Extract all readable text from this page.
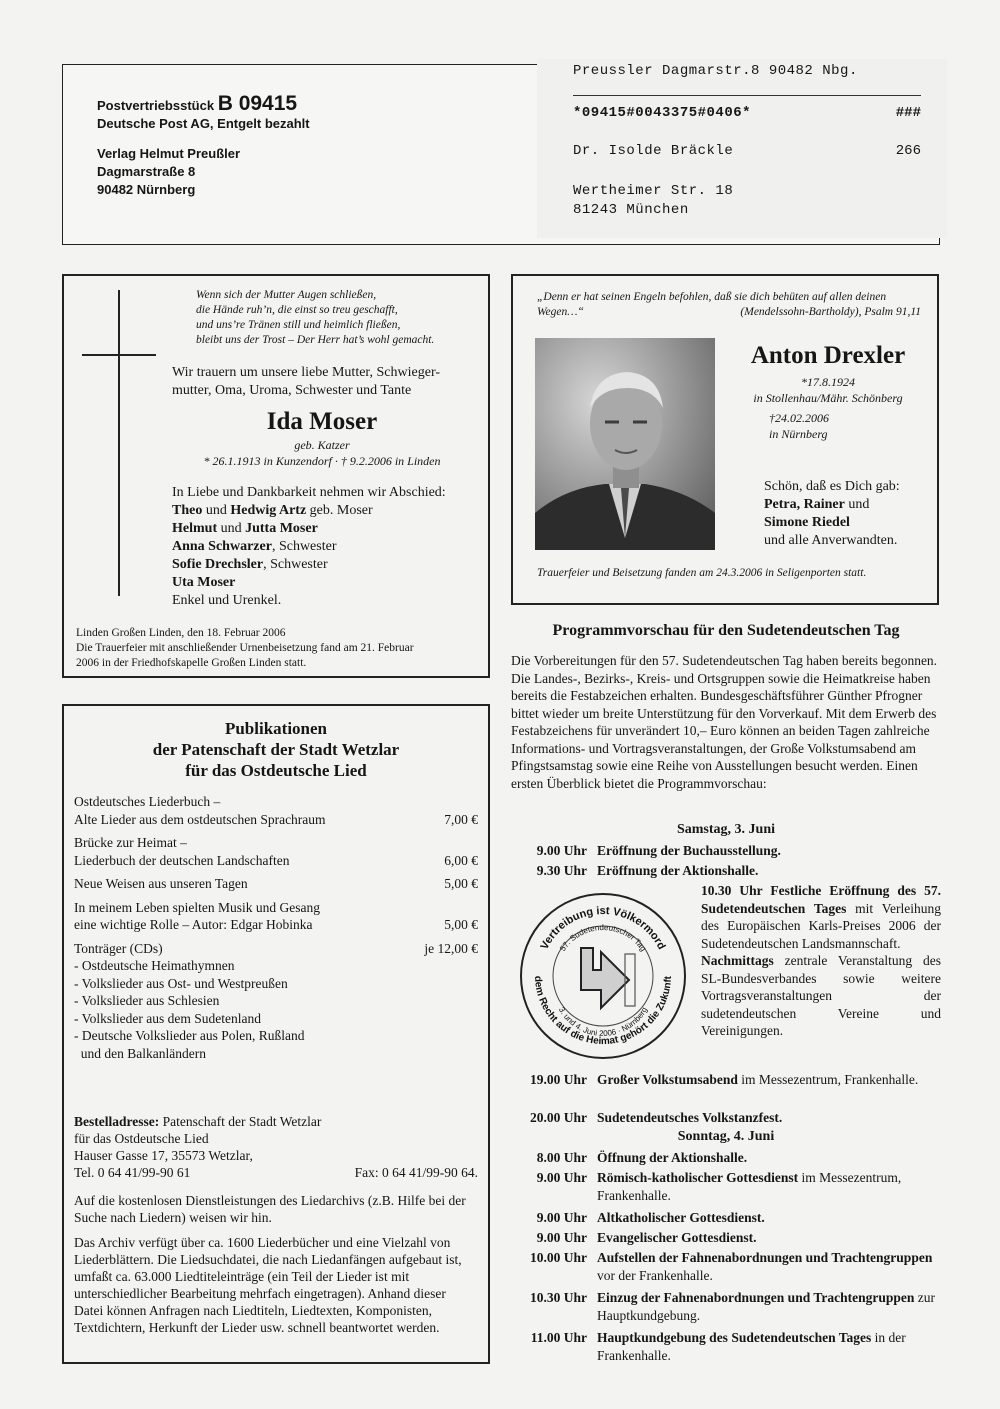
Postvertriebsstück B 09415
Deutsche Post AG, Entgelt bezahlt
Verlag Helmut Preußler
Dagmarstraße 8
90482 Nürnberg
Preussler Dagmarstr.8 90482 Nbg.
*09415#0043375#0406*	###
Dr. Isolde Bräckle	266
Wertheimer Str. 18
81243 München
Wenn sich der Mutter Augen schließen,
die Hände ruh’n, die einst so treu geschafft,
und uns’re Tränen still und heimlich fließen,
bleibt uns der Trost – Der Herr hat’s wohl gemacht.
Wir trauern um unsere liebe Mutter, Schwieger-
mutter, Oma, Uroma, Schwester und Tante
Ida Moser
geb. Katzer
* 26.1.1913 in Kunzendorf · † 9.2.2006 in Linden
In Liebe und Dankbarkeit nehmen wir Abschied:
Theo und Hedwig Artz geb. Moser
Helmut und Jutta Moser
Anna Schwarzer, Schwester
Sofie Drechsler, Schwester
Uta Moser
Enkel und Urenkel.
Linden Großen Linden, den 18. Februar 2006
Die Trauerfeier mit anschließender Urnenbeisetzung fand am 21. Februar
2006 in der Friedhofskapelle Großen Linden statt.
„Denn er hat seinen Engeln befohlen, daß sie dich behüten auf allen deinen Wegen…“	(Mendelssohn-Bartholdy), Psalm 91,11
Anton Drexler
*17.8.1924
in Stollenhau/Mähr. Schönberg
†24.02.2006
in Nürnberg
Schön, daß es Dich gab:
Petra, Rainer und
Simone Riedel
und alle Anverwandten.
Trauerfeier und Beisetzung fanden am 24.3.2006 in Seligenporten statt.
Publikationen
der Patenschaft der Stadt Wetzlar
für das Ostdeutsche Lied
Ostdeutsches Liederbuch –
Alte Lieder aus dem ostdeutschen Sprachraum	7,00 €
Brücke zur Heimat –
Liederbuch der deutschen Landschaften	6,00 €
Neue Weisen aus unseren Tagen	5,00 €
In meinem Leben spielten Musik und Gesang
eine wichtige Rolle – Autor: Edgar Hobinka	5,00 €
Tonträger (CDs)	je 12,00 €
- Ostdeutsche Heimathymnen
- Volkslieder aus Ost- und Westpreußen
- Volkslieder aus Schlesien
- Volkslieder aus dem Sudetenland
- Deutsche Volkslieder aus Polen, Rußland
und den Balkanländern
Bestelladresse: Patenschaft der Stadt Wetzlar
für das Ostdeutsche Lied
Hauser Gasse 17, 35573 Wetzlar,
Tel. 0 64 41/99-90 61	Fax: 0 64 41/99-90 64.
Auf die kostenlosen Dienstleistungen des Liedarchivs (z.B. Hilfe bei der Suche nach Liedern) weisen wir hin.
Das Archiv verfügt über ca. 1600 Liederbücher und eine Vielzahl von Liederblättern. Die Liedsuchdatei, die nach Liedanfängen aufgebaut ist, umfaßt ca. 63.000 Liedtiteleinträge (ein Teil der Lieder ist mit unterschiedlicher Bearbeitung mehrfach eingetragen). Anhand dieser Datei können Anfragen nach Liedtiteln, Liedtexten, Komponisten, Textdichtern, Herkunft der Lieder usw. schnell beantwortet werden.
Programmvorschau für den Sudetendeutschen Tag
Die Vorbereitungen für den 57. Sudetendeutschen Tag haben bereits begonnen. Die Landes-, Bezirks-, Kreis- und Ortsgruppen sowie die Heimatkreise haben bereits die Festabzeichen erhalten. Bundesgeschäftsführer Günther Pfrogner bittet wieder um breite Unterstützung für den Vorverkauf. Mit dem Erwerb des Festabzeichens für unverändert 10,– Euro können an beiden Tagen zahlreiche Informations- und Vortragsveranstaltungen, der Große Volkstumsabend am Pfingstsamstag sowie eine Reihe von Ausstellungen besucht werden. Einen ersten Überblick bietet die Programmvorschau:
Samstag, 3. Juni
9.00 Uhr Eröffnung der Buchausstellung.
9.30 Uhr Eröffnung der Aktionshalle.
Vertreibung ist Völkermord
57. Sudetendeutscher Tag
3. und 4. Juni 2006 · Nürnberg
dem Recht auf die Heimat gehört die Zukunft
10.30 Uhr Festliche Eröffnung des 57. Sudetendeutschen Tages mit Verleihung des Europäischen Karls-Preises 2006 der Sudetendeutschen Landsmannschaft.
Nachmittags zentrale Veranstaltung des SL-Bundesverbandes sowie weitere Vortragsveranstaltungen der sudetendeutschen Vereine und Vereinigungen.
19.00 Uhr Großer Volkstumsabend im Messezentrum, Frankenhalle.
20.00 Uhr Sudetendeutsches Volkstanzfest.
Sonntag, 4. Juni
8.00 Uhr Öffnung der Aktionshalle.
9.00 Uhr Römisch-katholischer Gottesdienst im Messezentrum, Frankenhalle.
9.00 Uhr Altkatholischer Gottesdienst.
9.00 Uhr Evangelischer Gottesdienst.
10.00 Uhr Aufstellen der Fahnenabordnungen und Trachtengruppen vor der Frankenhalle.
10.30 Uhr Einzug der Fahnenabordnungen und Trachtengruppen zur Hauptkundgebung.
11.00 Uhr Hauptkundgebung des Sudetendeutschen Tages in der Frankenhalle.
